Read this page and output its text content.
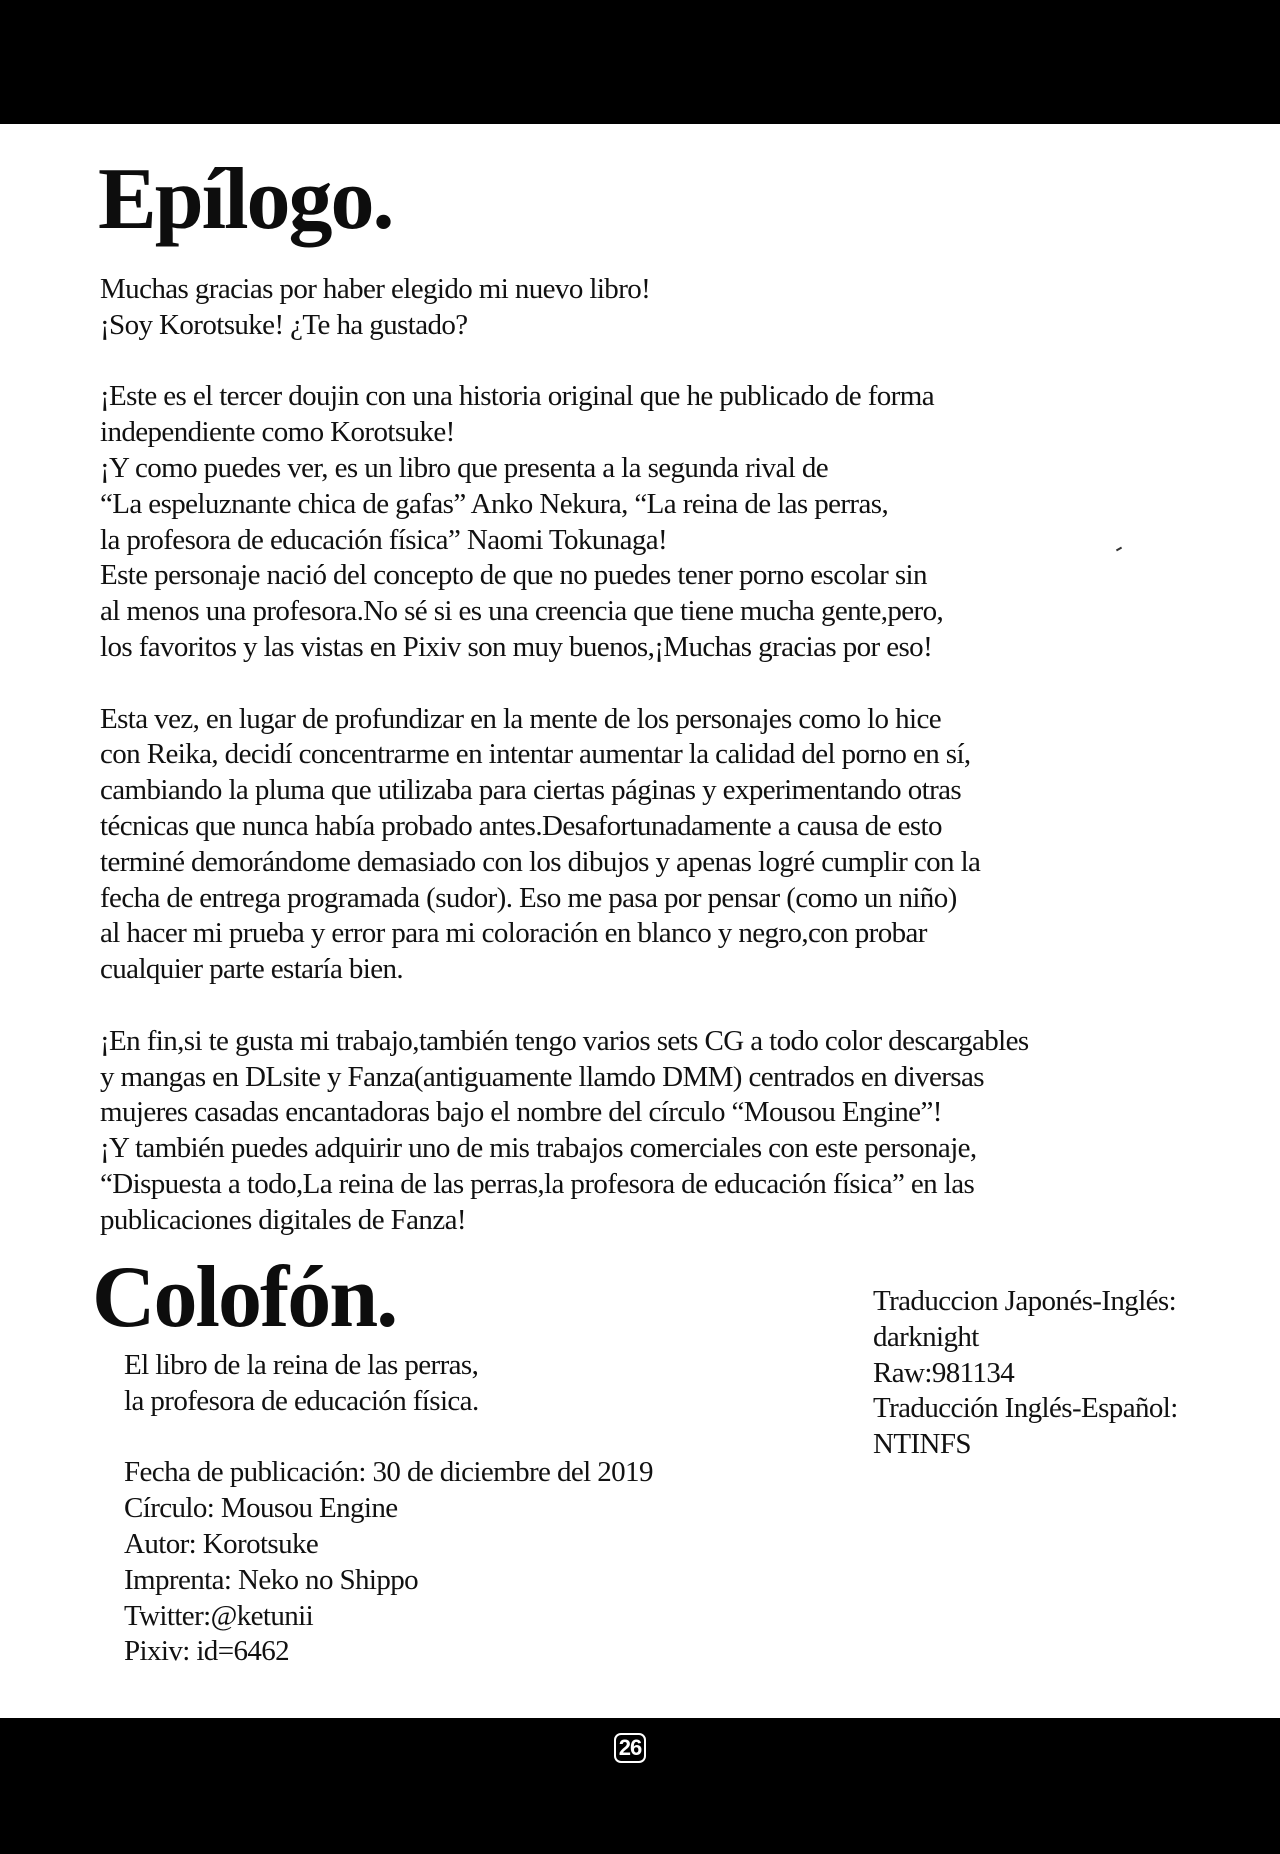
Epílogo.

Muchas gracias por haber elegido mi nuevo libro!
¡Soy Korotsuke! ¿Te ha gustado?

¡Este es el tercer doujin con una historia original que he publicado de forma
independiente como Korotsuke!
¡Y como puedes ver, es un libro que presenta a la segunda rival de
“La espeluznante chica de gafas” Anko Nekura, “La reina de las perras,
la profesora de educación física” Naomi Tokunaga!
Este personaje nació del concepto de que no puedes tener porno escolar sin
al menos una profesora.No sé si es una creencia que tiene mucha gente,pero,
los favoritos y las vistas en Pixiv son muy buenos,¡Muchas gracias por eso!

Esta vez, en lugar de profundizar en la mente de los personajes como lo hice
con Reika, decidí concentrarme en intentar aumentar la calidad del porno en sí,
cambiando la pluma que utilizaba para ciertas páginas y experimentando otras
técnicas que nunca había probado antes.Desafortunadamente a causa de esto
terminé demorándome demasiado con los dibujos y apenas logré cumplir con la
fecha de entrega programada (sudor). Eso me pasa por pensar (como un niño)
al hacer mi prueba y error para mi coloración en blanco y negro,con probar
cualquier parte estaría bien.

¡En fin,si te gusta mi trabajo,también tengo varios sets CG a todo color descargables
y mangas en DLsite y Fanza(antiguamente llamdo DMM) centrados en diversas
mujeres casadas encantadoras bajo el nombre del círculo “Mousou Engine”!
¡Y también puedes adquirir uno de mis trabajos comerciales con este personaje,
“Dispuesta a todo,La reina de las perras,la profesora de educación física” en las
publicaciones digitales de Fanza!

Colofón.

El libro de la reina de las perras,
la profesora de educación física.

Fecha de publicación: 30 de diciembre del 2019
Círculo: Mousou Engine
Autor: Korotsuke
Imprenta: Neko no Shippo
Twitter:@ketunii
Pixiv: id=6462

Traduccion Japonés-Inglés:
darknight
Raw:981134
Traducción Inglés-Español:
NTINFS
26
